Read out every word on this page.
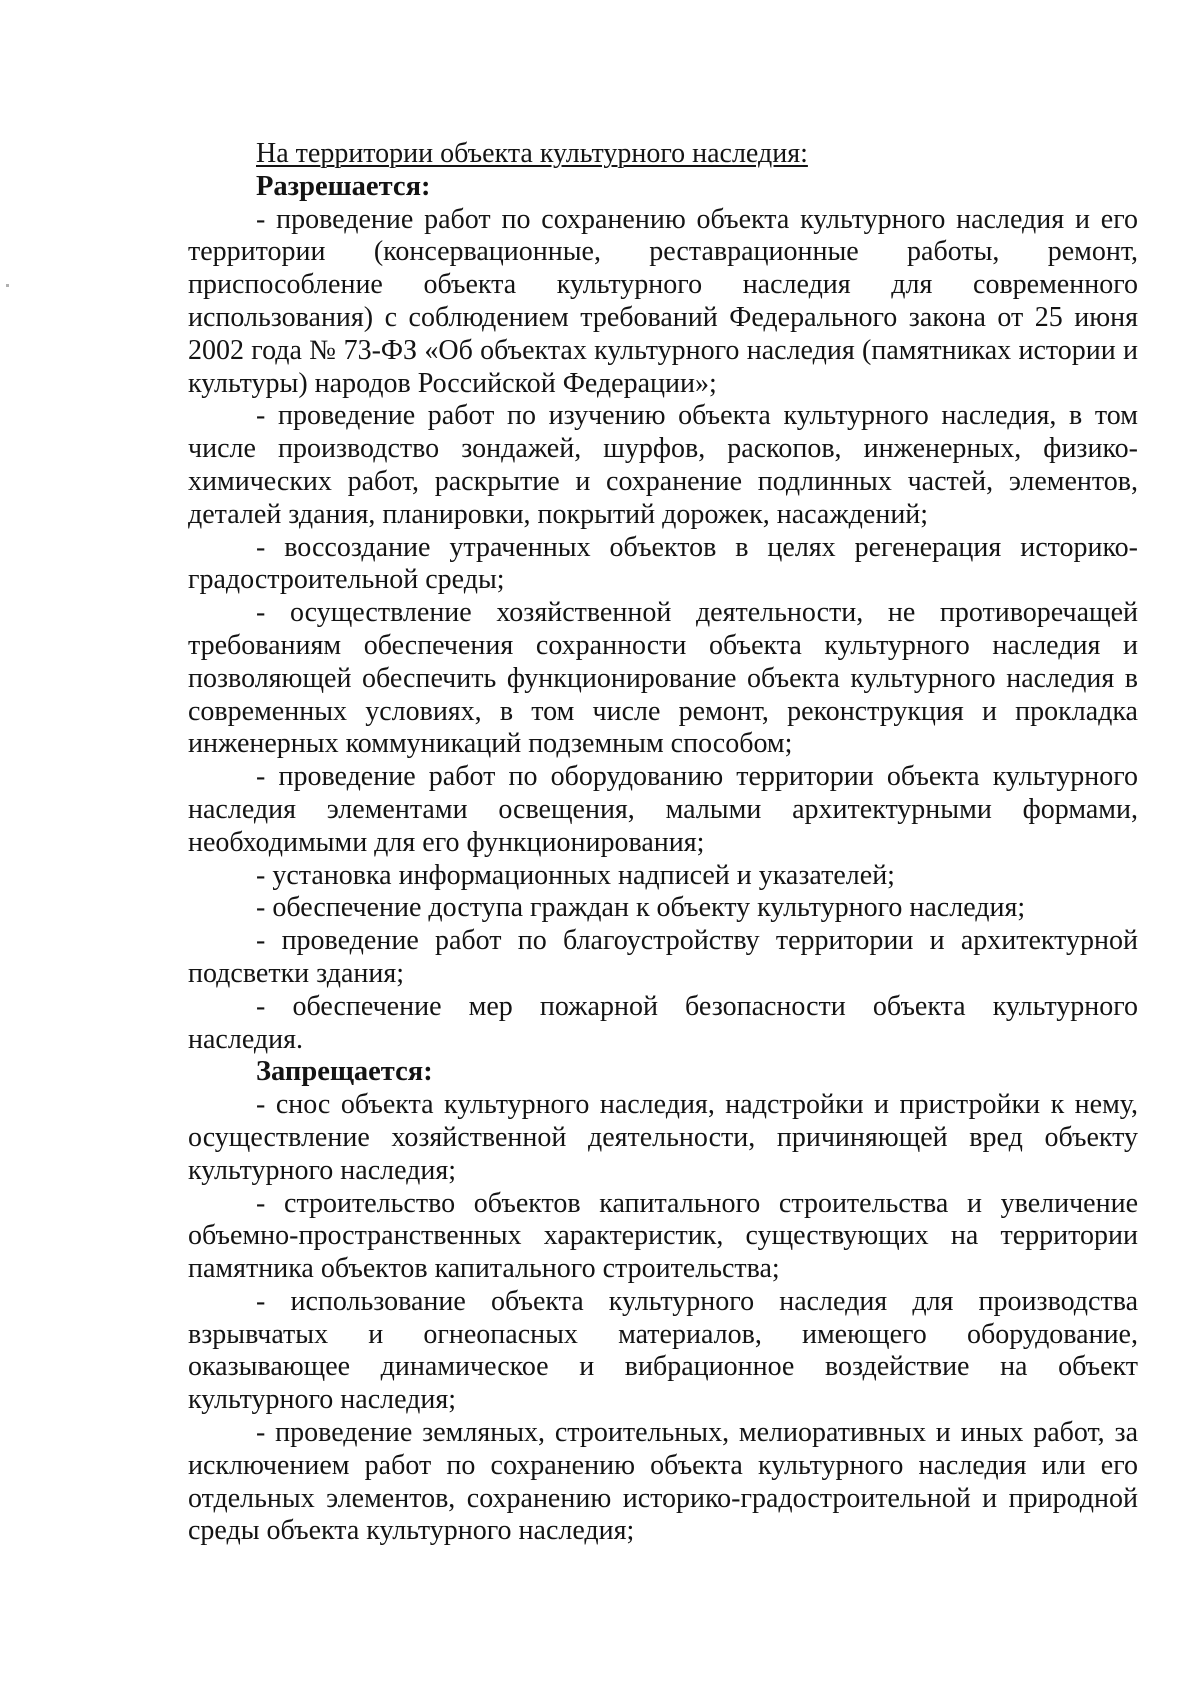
На территории объекта культурного наследия:

Разрешается:

- проведение работ по сохранению объекта культурного наследия и его территории (консервационные, реставрационные работы, ремонт, приспособление объекта культурного наследия для современного использования) с соблюдением требований Федерального закона от 25 июня 2002 года № 73-ФЗ «Об объектах культурного наследия (памятниках истории и культуры) народов Российской Федерации»;

- проведение работ по изучению объекта культурного наследия, в том числе производство зондажей, шурфов, раскопов, инженерных, физико-химических работ, раскрытие и сохранение подлинных частей, элементов, деталей здания, планировки, покрытий дорожек, насаждений;

- воссоздание утраченных объектов в целях регенерация историко-градостроительной среды;

- осуществление хозяйственной деятельности, не противоречащей требованиям обеспечения сохранности объекта культурного наследия и позволяющей обеспечить функционирование объекта культурного наследия в современных условиях, в том числе ремонт, реконструкция и прокладка инженерных коммуникаций подземным способом;

- проведение работ по оборудованию территории объекта культурного наследия элементами освещения, малыми архитектурными формами, необходимыми для его функционирования;

- установка информационных надписей и указателей;

- обеспечение доступа граждан к объекту культурного наследия;

- проведение работ по благоустройству территории и архитектурной подсветки здания;

- обеспечение мер пожарной безопасности объекта культурного наследия.

Запрещается:

- снос объекта культурного наследия, надстройки и пристройки к нему, осуществление хозяйственной деятельности, причиняющей вред объекту культурного наследия;

- строительство объектов капитального строительства и увеличение объемно-пространственных характеристик, существующих на территории памятника объектов капитального строительства;

- использование объекта культурного наследия для производства взрывчатых и огнеопасных материалов, имеющего оборудование, оказывающее динамическое и вибрационное воздействие на объект культурного наследия;

- проведение земляных, строительных, мелиоративных и иных работ, за исключением работ по сохранению объекта культурного наследия или его отдельных элементов, сохранению историко-градостроительной и природной среды объекта культурного наследия;
